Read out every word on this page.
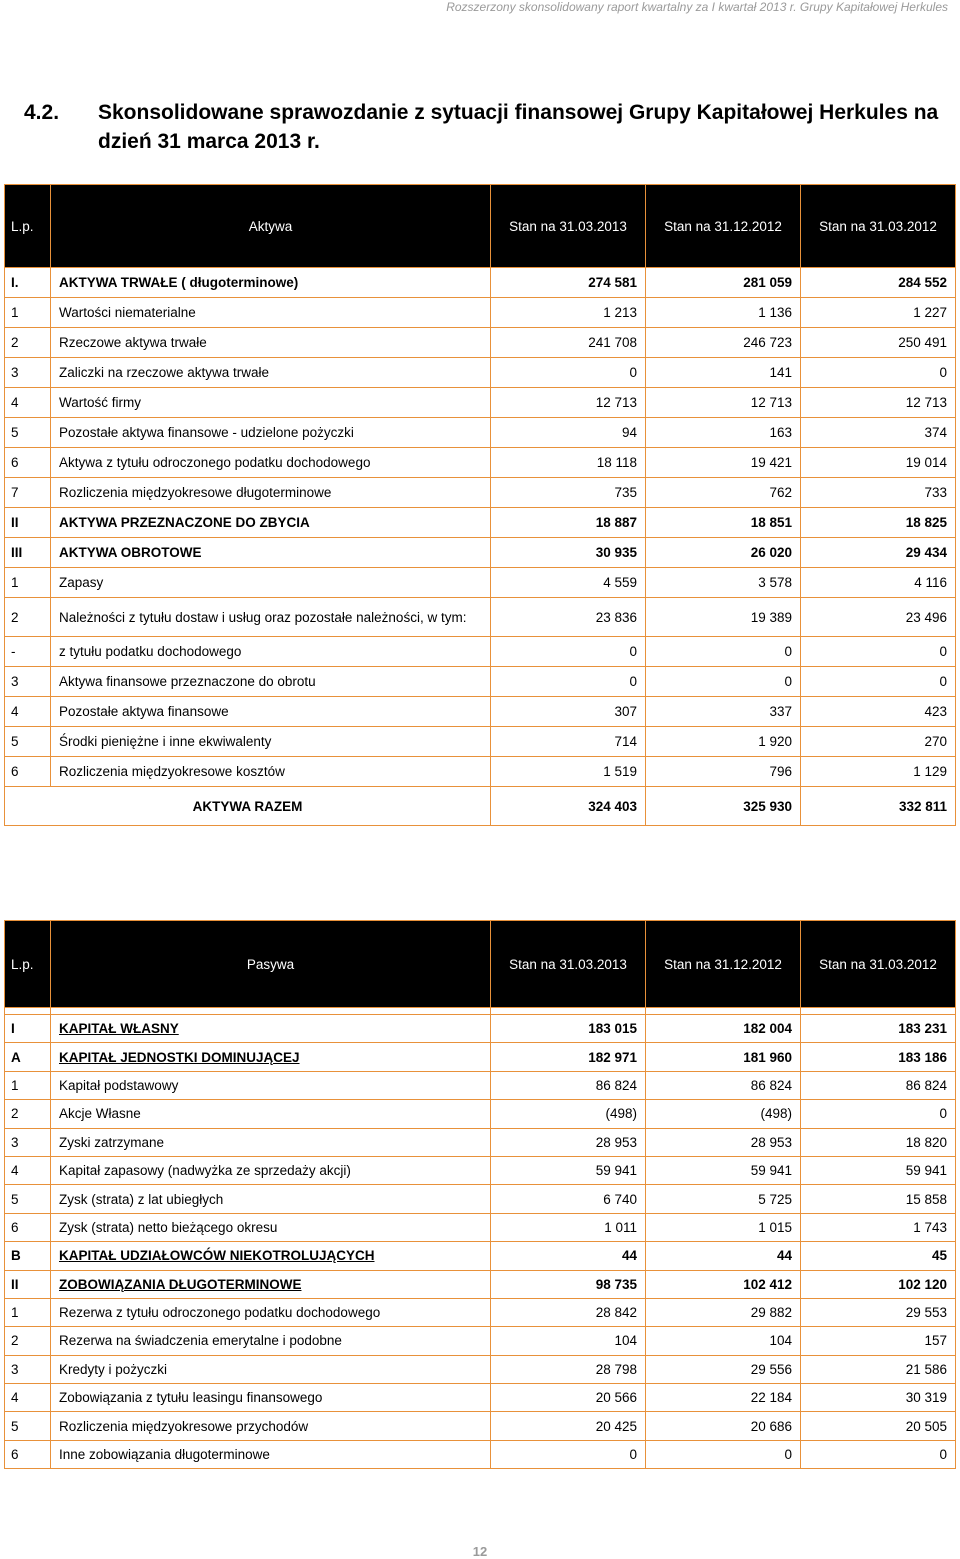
Rozszerzony skonsolidowany raport kwartalny za I kwartał 2013 r. Grupy Kapitałowej Herkules
4.2. Skonsolidowane sprawozdanie z sytuacji finansowej Grupy Kapitałowej Herkules na
dzień 31 marca 2013 r.
L.p.	Aktywa	Stan na 31.03.2013	Stan na 31.12.2012	Stan na 31.03.2012
I.	AKTYWA TRWAŁE ( długoterminowe)	274 581	281 059	284 552
1	Wartości niematerialne	1 213	1 136	1 227
2	Rzeczowe aktywa trwałe	241 708	246 723	250 491
3	Zaliczki na rzeczowe aktywa trwałe	0	141	0
4	Wartość firmy	12 713	12 713	12 713
5	Pozostałe aktywa finansowe - udzielone pożyczki	94	163	374
6	Aktywa z tytułu odroczonego podatku dochodowego	18 118	19 421	19 014
7	Rozliczenia międzyokresowe długoterminowe	735	762	733
II	AKTYWA PRZEZNACZONE DO ZBYCIA	18 887	18 851	18 825
III	AKTYWA OBROTOWE	30 935	26 020	29 434
1	Zapasy	4 559	3 578	4 116
2	Należności z tytułu dostaw i usług oraz pozostałe należności, w tym:	23 836	19 389	23 496
-	z tytułu podatku dochodowego	0	0	0
3	Aktywa finansowe przeznaczone do obrotu	0	0	0
4	Pozostałe aktywa finansowe	307	337	423
5	Środki pieniężne i inne ekwiwalenty	714	1 920	270
6	Rozliczenia międzyokresowe kosztów	1 519	796	1 129
AKTYWA RAZEM		324 403	325 930	332 811
L.p.	Pasywa	Stan na 31.03.2013	Stan na 31.12.2012	Stan na 31.03.2012

I	KAPITAŁ WŁASNY	183 015	182 004	183 231
A	KAPITAŁ JEDNOSTKI DOMINUJĄCEJ	182 971	181 960	183 186
1	Kapitał podstawowy	86 824	86 824	86 824
2	Akcje Własne	(498)	(498)	0
3	Zyski zatrzymane	28 953	28 953	18 820
4	Kapitał zapasowy (nadwyżka ze sprzedaży akcji)	59 941	59 941	59 941
5	Zysk (strata) z lat ubiegłych	6 740	5 725	15 858
6	Zysk (strata) netto bieżącego okresu	1 011	1 015	1 743
B	KAPITAŁ UDZIAŁOWCÓW NIEKOTROLUJĄCYCH	44	44	45
II	ZOBOWIĄZANIA DŁUGOTERMINOWE	98 735	102 412	102 120
1	Rezerwa z tytułu odroczonego podatku dochodowego	28 842	29 882	29 553
2	Rezerwa na świadczenia emerytalne i podobne	104	104	157
3	Kredyty i pożyczki	28 798	29 556	21 586
4	Zobowiązania z tytułu leasingu finansowego	20 566	22 184	30 319
5	Rozliczenia międzyokresowe przychodów	20 425	20 686	20 505
6	Inne zobowiązania długoterminowe	0	0	0
12
